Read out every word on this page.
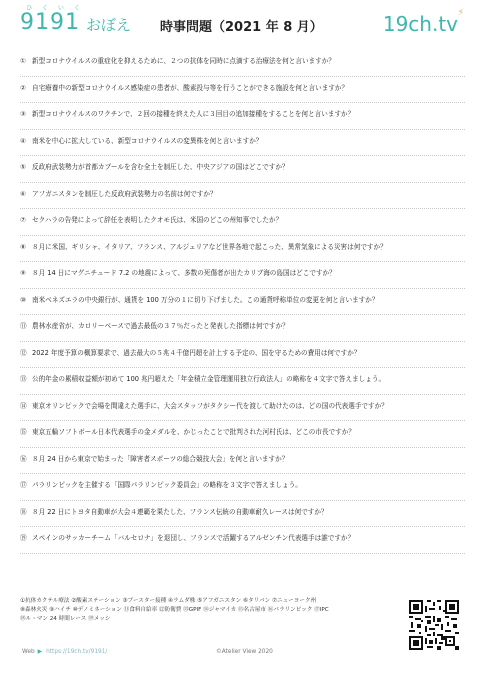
ひ く い く
9191 おぼえ 時事問題（2021 年 8 月）	19ch.tv ⚡
① 新型コロナウイルスの重症化を抑えるために、２つの抗体を同時に点滴する治療法を何と言いますか？
② 自宅療養中の新型コロナウイルス感染症の患者が、酸素投与等を行うことができる施設を何と言いますか？
③ 新型コロナウイルスのワクチンで、２回の接種を終えた人に３回目の追加接種をすることを何と言いますか？
④ 南米を中心に拡大している、新型コロナウイルスの変異株を何と言いますか？
⑤ 反政府武装勢力が首都カブールを含む全土を制圧した、中央アジアの国はどこですか？
⑥ アフガニスタンを制圧した反政府武装勢力の名前は何ですか？
⑦ セクハラの告発によって辞任を表明したクオモ氏は、米国のどこの州知事でしたか？
⑧ ８月に米国、ギリシャ、イタリア、フランス、アルジェリアなど世界各地で起こった、異常気象による災害は何ですか？
⑨ ８月 14 日にマグニチュード 7.2 の地震によって、多数の死傷者が出たカリブ海の島国はどこですか？
⑩ 南米ベネズエラの中央銀行が、通貨を 100 万分の１に切り下げました。この通貨呼称単位の変更を何と言いますか？
⑪ 農林水産省が、カロリーベースで過去最低の３７％だったと発表した指標は何ですか？
⑫ 2022 年度予算の概算要求で、過去最大の５兆４千億円超を計上する予定の、国を守るための費用は何ですか？
⑬ 公的年金の累積収益額が初めて 100 兆円超えた「年金積立金管理運用独立行政法人」の略称を４文字で答えましょう。
⑭ 東京オリンピックで会場を間違えた選手に、大会スタッフがタクシー代を渡して助けたのは、どの国の代表選手ですか？
⑮ 東京五輪ソフトボール日本代表選手の金メダルを、かじったことで批判された河村氏は、どこの市長ですか？
⑯ ８月 24 日から東京で始まった「障害者スポーツの総合競技大会」を何と言いますか？
⑰ パラリンピックを主催する「国際パラリンピック委員会」の略称を３文字で答えましょう。
⑱ ８月 22 日にトヨタ自動車が大会４連覇を果たした、フランス伝統の自動車耐久レースは何ですか？
⑲ スペインのサッカーチーム「バルセロナ」を退団し、フランスで活躍するアルゼンチン代表選手は誰ですか？
①抗体カクテル療法 ②酸素ステーション ③ブースター接種 ④ラムダ株 ⑤アフガニスタン ⑥タリバン ⑦ニューヨーク州
⑧森林火災 ⑨ハイチ ⑩デノミネーション ⑪食料自給率 ⑫防衛費 ⑬GPIF ⑭ジャマイカ ⑮名古屋市 ⑯パラリンピック ⑰IPC
⑱ル・マン 24 時間レース ⑲メッシ
Web ▶ https://19ch.tv/9191/	©Atelier View 2020
